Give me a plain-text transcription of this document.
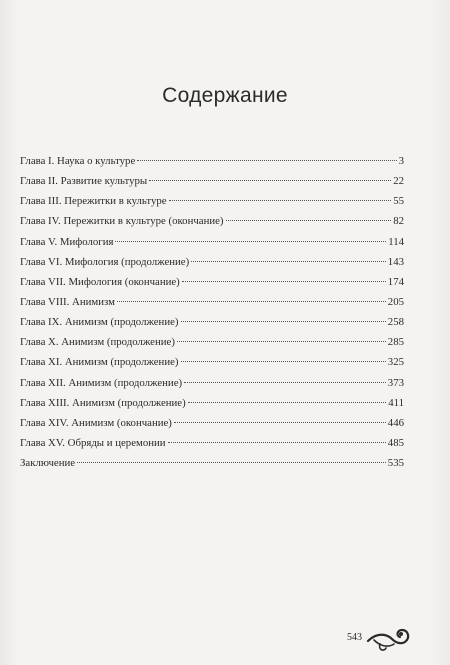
Содержание
Глава I. Наука о культуре	3
Глава II. Развитие культуры	22
Глава III. Пережитки в культуре	55
Глава IV. Пережитки в культуре (окончание)	82
Глава V. Мифология	114
Глава VI. Мифология (продолжение)	143
Глава VII. Мифология (окончание)	174
Глава VIII. Анимизм	205
Глава IX. Анимизм (продолжение)	258
Глава X. Анимизм (продолжение)	285
Глава XI. Анимизм (продолжение)	325
Глава XII. Анимизм (продолжение)	373
Глава XIII. Анимизм (продолжение)	411
Глава XIV. Анимизм (окончание)	446
Глава XV. Обряды и церемонии	485
Заключение	535
543
